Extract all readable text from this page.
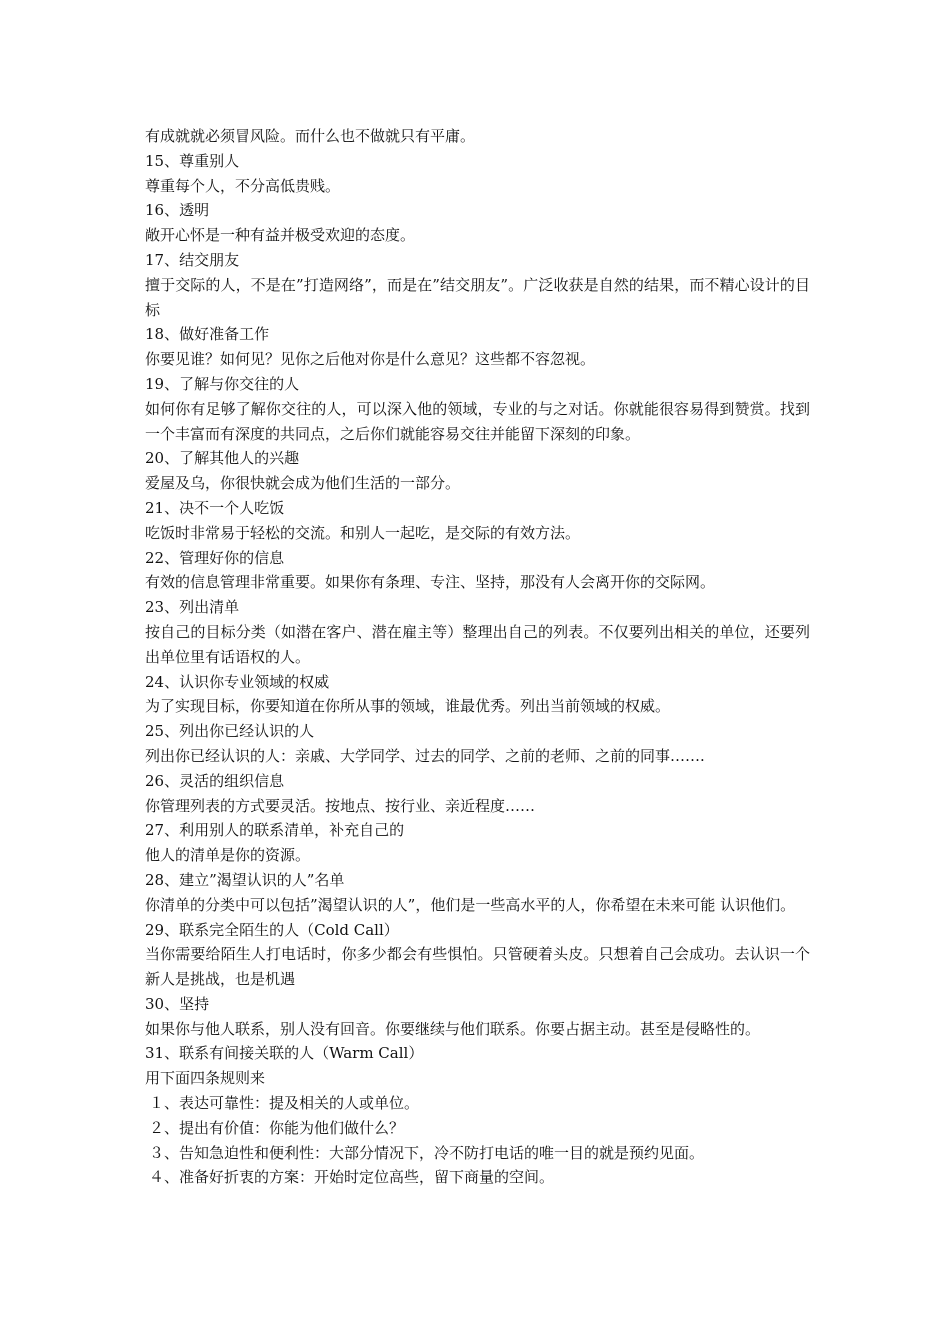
有成就就必须冒风险。而什么也不做就只有平庸。

15、尊重别人

尊重每个人，不分高低贵贱。

16、透明

敞开心怀是一种有益并极受欢迎的态度。

17、结交朋友

擅于交际的人，不是在”打造网络”，而是在”结交朋友”。广泛收获是自然的结果，而不精心设计的目标

18、做好准备工作

你要见谁？如何见？见你之后他对你是什么意见？这些都不容忽视。

19、了解与你交往的人

如何你有足够了解你交往的人，可以深入他的领域，专业的与之对话。你就能很容易得到赞赏。找到一个丰富而有深度的共同点，之后你们就能容易交往并能留下深刻的印象。

20、了解其他人的兴趣

爱屋及乌，你很快就会成为他们生活的一部分。

21、决不一个人吃饭

吃饭时非常易于轻松的交流。和别人一起吃，是交际的有效方法。

22、管理好你的信息

有效的信息管理非常重要。如果你有条理、专注、坚持，那没有人会离开你的交际网。

23、列出清单

按自己的目标分类（如潜在客户、潜在雇主等）整理出自己的列表。不仅要列出相关的单位，还要列出单位里有话语权的人。

24、认识你专业领域的权威

为了实现目标，你要知道在你所从事的领域，谁最优秀。列出当前领域的权威。

25、列出你已经认识的人

列出你已经认识的人：亲戚、大学同学、过去的同学、之前的老师、之前的同事…….

26、灵活的组织信息

你管理列表的方式要灵活。按地点、按行业、亲近程度……

27、利用别人的联系清单，补充自己的

他人的清单是你的资源。

28、建立”渴望认识的人”名单

你清单的分类中可以包括”渴望认识的人”，他们是一些高水平的人，你希望在未来可能 认识他们。

29、联系完全陌生的人（Cold Call）

当你需要给陌生人打电话时，你多少都会有些惧怕。只管硬着头皮。只想着自己会成功。去认识一个新人是挑战，也是机遇

30、坚持

如果你与他人联系，别人没有回音。你要继续与他们联系。你要占据主动。甚至是侵略性的。

31、联系有间接关联的人（Warm Call）

用下面四条规则来

１、表达可靠性：提及相关的人或单位。

２、提出有价值：你能为他们做什么？

３、告知急迫性和便利性：大部分情况下，冷不防打电话的唯一目的就是预约见面。

４、准备好折衷的方案：开始时定位高些，留下商量的空间。
